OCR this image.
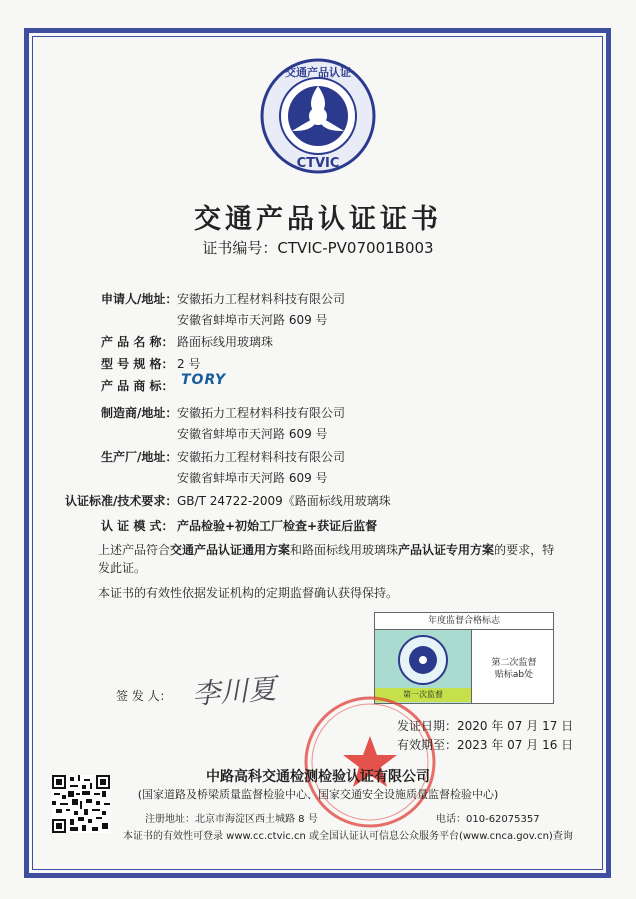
交通产品认证
CTVIC
交通产品认证证书
证书编号：CTVIC-PV07001B003
申请人/地址： 安徽拓力工程材料科技有限公司
安徽省蚌埠市天河路 609 号
产 品 名 称： 路面标线用玻璃珠
型 号 规 格： 2 号
产 品 商 标： TORY
制造商/地址： 安徽拓力工程材料科技有限公司
安徽省蚌埠市天河路 609 号
生产厂/地址： 安徽拓力工程材料科技有限公司
安徽省蚌埠市天河路 609 号
认证标准/技术要求： GB/T 24722-2009《路面标线用玻璃珠
认 证 模 式： 产品检验+初始工厂检查+获证后监督
上述产品符合交通产品认证通用方案和路面标线用玻璃珠产品认证专用方案的要求，特发此证。
本证书的有效性依据发证机构的定期监督确认获得保持。
年度监督合格标志
第一次监督
第二次监督
贴标ab处
签 发 人： 李川夏
发证日期：2020 年 07 月 17 日
有效期至：2023 年 07 月 16 日
中路高科交通检测检验认证有限公司
(国家道路及桥梁质量监督检验中心、国家交通安全设施质量监督检验中心)
注册地址：北京市海淀区西土城路 8 号	电话：010-62075357
本证书的有效性可登录 www.cc.ctvic.cn 或全国认证认可信息公众服务平台(www.cnca.gov.cn)查询
